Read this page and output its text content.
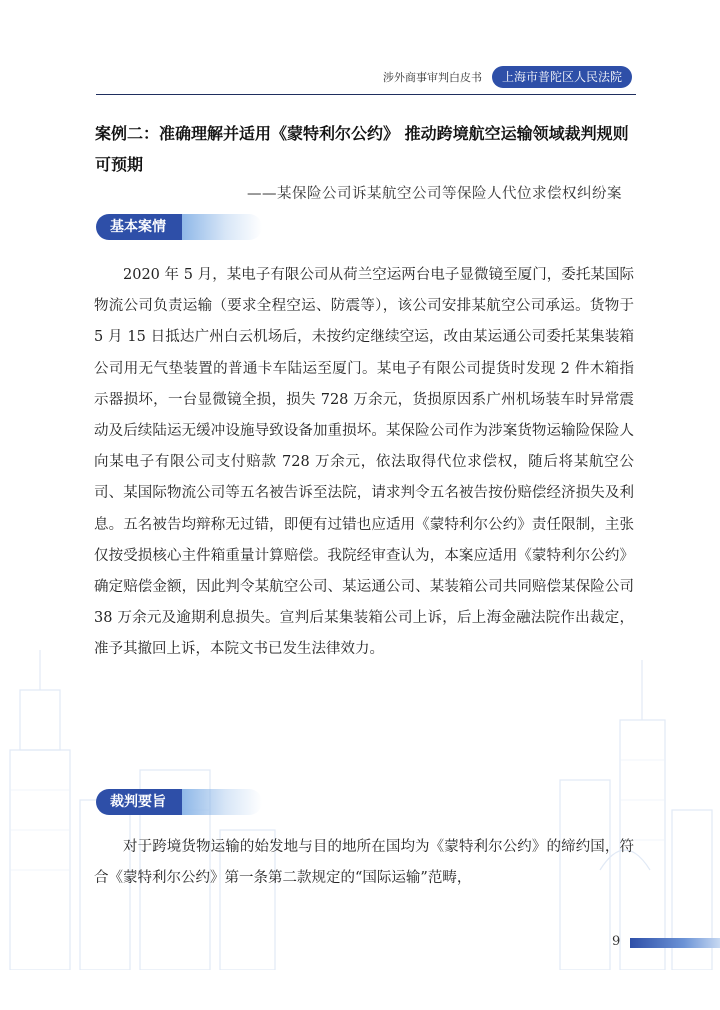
涉外商事审判白皮书	上海市普陀区人民法院
案例二：准确理解并适用《蒙特利尔公约》 推动跨境航空运输领域裁判规则可预期
——某保险公司诉某航空公司等保险人代位求偿权纠纷案
基本案情

2020 年 5 月，某电子有限公司从荷兰空运两台电子显微镜至厦门，委托某国际物流公司负责运输（要求全程空运、防震等），该公司安排某航空公司承运。货物于 5 月 15 日抵达广州白云机场后，未按约定继续空运，改由某运通公司委托某集装箱公司用无气垫装置的普通卡车陆运至厦门。某电子有限公司提货时发现 2 件木箱指示器损坏，一台显微镜全损，损失 728 万余元，货损原因系广州机场装车时异常震动及后续陆运无缓冲设施导致设备加重损坏。某保险公司作为涉案货物运输险保险人向某电子有限公司支付赔款 728 万余元，依法取得代位求偿权，随后将某航空公司、某国际物流公司等五名被告诉至法院，请求判令五名被告按份赔偿经济损失及利息。五名被告均辩称无过错，即便有过错也应适用《蒙特利尔公约》责任限制，主张仅按受损核心主件箱重量计算赔偿。我院经审查认为，本案应适用《蒙特利尔公约》确定赔偿金额，因此判令某航空公司、某运通公司、某装箱公司共同赔偿某保险公司 38 万余元及逾期利息损失。宣判后某集装箱公司上诉，后上海金融法院作出裁定，准予其撤回上诉，本院文书已发生法律效力。

裁判要旨

对于跨境货物运输的始发地与目的地所在国均为《蒙特利尔公约》的缔约国，符合《蒙特利尔公约》第一条第二款规定的“国际运输”范畴，

9
